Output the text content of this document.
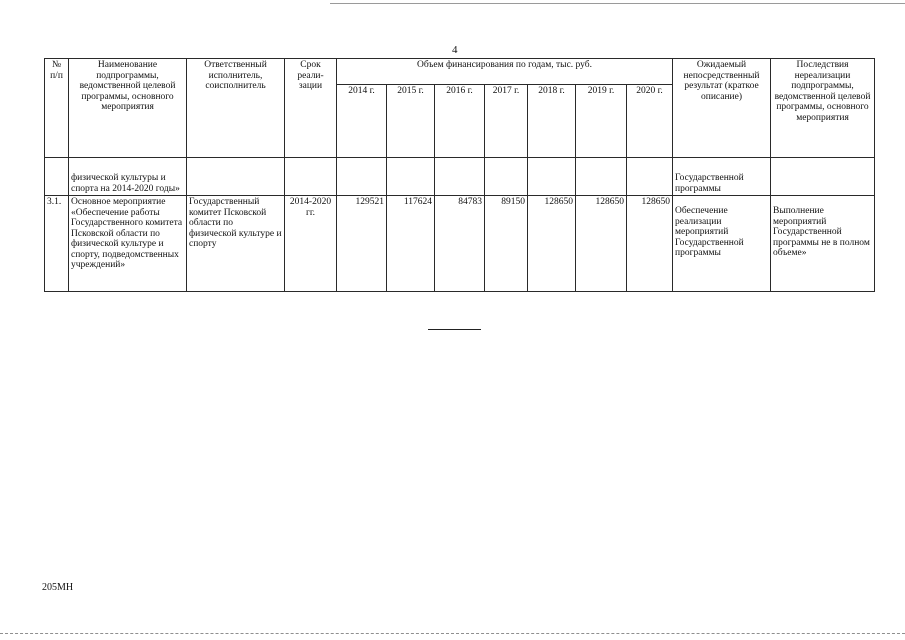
4
№ п/п	Наименование подпрограммы, ведомственной целевой программы, основного мероприятия	Ответственный исполнитель, соисполнитель	Срок реали-зации	Объем финансирования по годам, тыс. руб.							Ожидаемый непосредственный результат (краткое описание)	Последствия нереализации подпрограммы, ведомственной целевой программы, основного мероприятия
				2014 г.	2015 г.	2016 г.	2017 г.	2018 г.	2019 г.	2020 г.		
	физической культуры и спорта на 2014-2020 годы»										Государственной программы	
3.1.	Основное мероприятие «Обеспечение работы Государственного комитета Псковской области по физической культуре и спорту, подведомственных учреждений»	Государственный комитет Псковской области по физической культуре и спорту	2014-2020 гг.	129521	117624	84783	89150	128650	128650	128650	Обеспечение реализации мероприятий Государственной программы	Выполнение мероприятий Государственной программы не в полном объеме»
205МН
